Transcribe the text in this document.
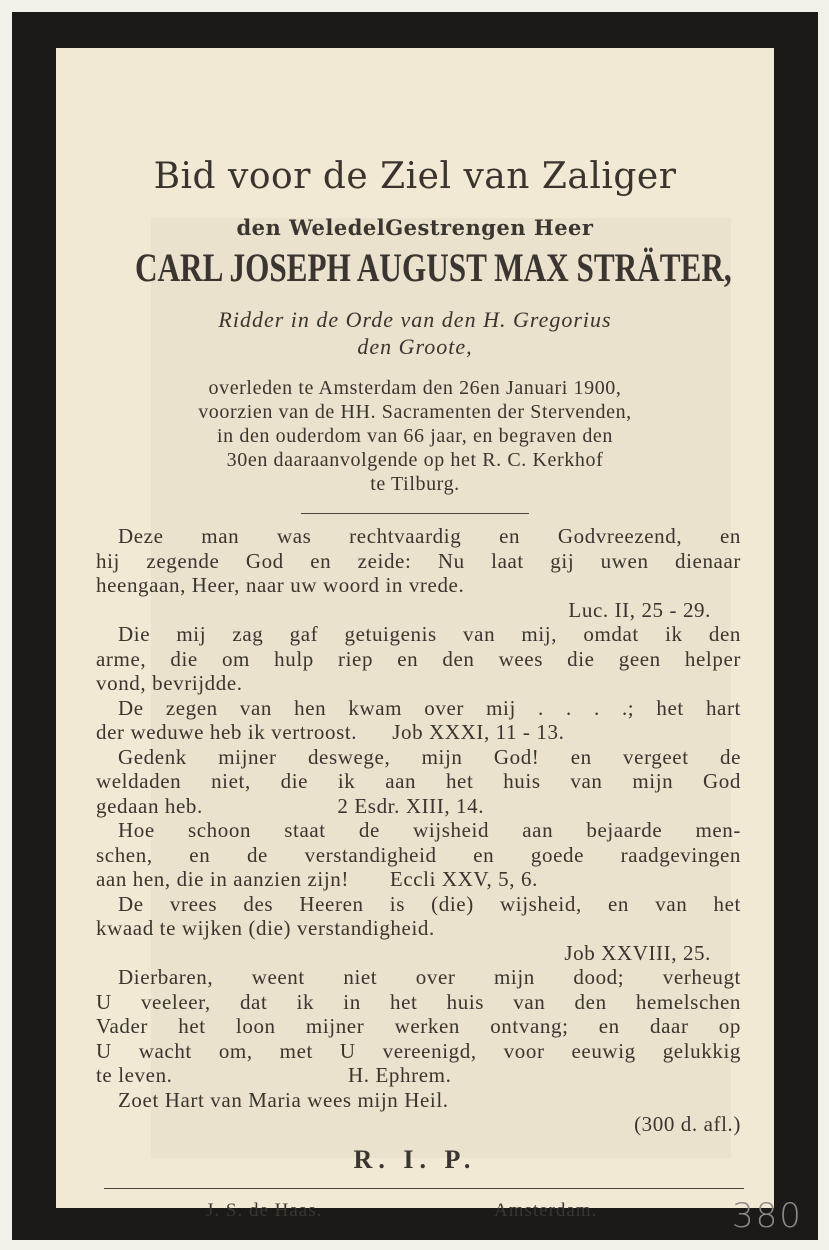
Bid voor de Ziel van Zaliger
den WeledelGestrengen Heer
CARL JOSEPH AUGUST MAX STRÄTER,
Ridder in de Orde van den H. Gregorius
den Groote,
overleden te Amsterdam den 26en Januari 1900,
voorzien van de HH. Sacramenten der Stervenden,
in den ouderdom van 66 jaar, en begraven den
30en daaraanvolgende op het R. C. Kerkhof
te Tilburg.
Deze man was rechtvaardig en Godvreezend, en
hij zegende God en zeide: Nu laat gij uwen dienaar
heengaan, Heer, naar uw woord in vrede.
Luc. II, 25 - 29.
Die mij zag gaf getuigenis van mij, omdat ik den
arme, die om hulp riep en den wees die geen helper
vond, bevrijdde.
De zegen van hen kwam over mij . . . .; het hart
der weduwe heb ik vertroost.      Job XXXI, 11 - 13.
Gedenk mijner deswege, mijn God! en vergeet de
weldaden niet, die ik aan het huis van mijn God
gedaan heb.                       2 Esdr. XIII, 14.
Hoe schoon staat de wijsheid aan bejaarde men-
schen, en de verstandigheid en goede raadgevingen
aan hen, die in aanzien zijn!       Eccli XXV, 5, 6.
De vrees des Heeren is (die) wijsheid, en van het
kwaad te wijken (die) verstandigheid.
Job XXVIII, 25.
Dierbaren, weent niet over mijn dood; verheugt
U veeleer, dat ik in het huis van den hemelschen
Vader het loon mijner werken ontvang; en daar op
U wacht om, met U vereenigd, voor eeuwig gelukkig
te leven.                              H. Ephrem.
Zoet Hart van Maria wees mijn Heil.
(300 d. afl.)
R. I. P.
J. S. de Haas.	Amsterdam.	380
